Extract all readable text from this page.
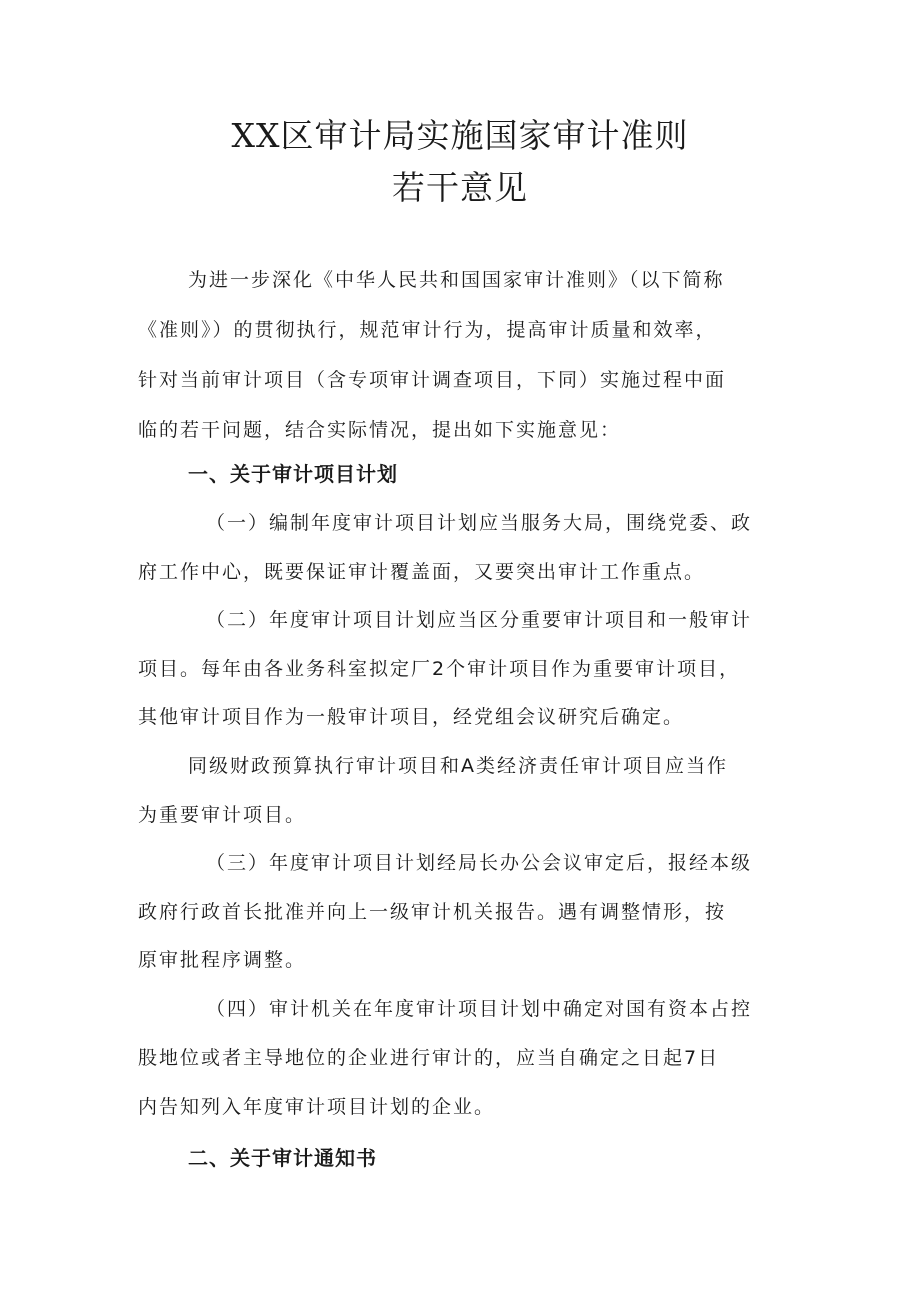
XX区审计局实施国家审计准则
若干意见
为进一步深化《中华人民共和国国家审计准则》（以下简称
《准则》）的贯彻执行，规范审计行为，提高审计质量和效率，
针对当前审计项目（含专项审计调查项目，下同）实施过程中面
临的若干问题，结合实际情况，提出如下实施意见：
一、关于审计项目计划
（一）编制年度审计项目计划应当服务大局，围绕党委、政
府工作中心，既要保证审计覆盖面，又要突出审计工作重点。
（二）年度审计项目计划应当区分重要审计项目和一般审计
项目。每年由各业务科室拟定厂2个审计项目作为重要审计项目，
其他审计项目作为一般审计项目，经党组会议研究后确定。
同级财政预算执行审计项目和A类经济责任审计项目应当作
为重要审计项目。
（三）年度审计项目计划经局长办公会议审定后，报经本级
政府行政首长批准并向上一级审计机关报告。遇有调整情形，按
原审批程序调整。
（四）审计机关在年度审计项目计划中确定对国有资本占控
股地位或者主导地位的企业进行审计的，应当自确定之日起7日
内告知列入年度审计项目计划的企业。
二、关于审计通知书
